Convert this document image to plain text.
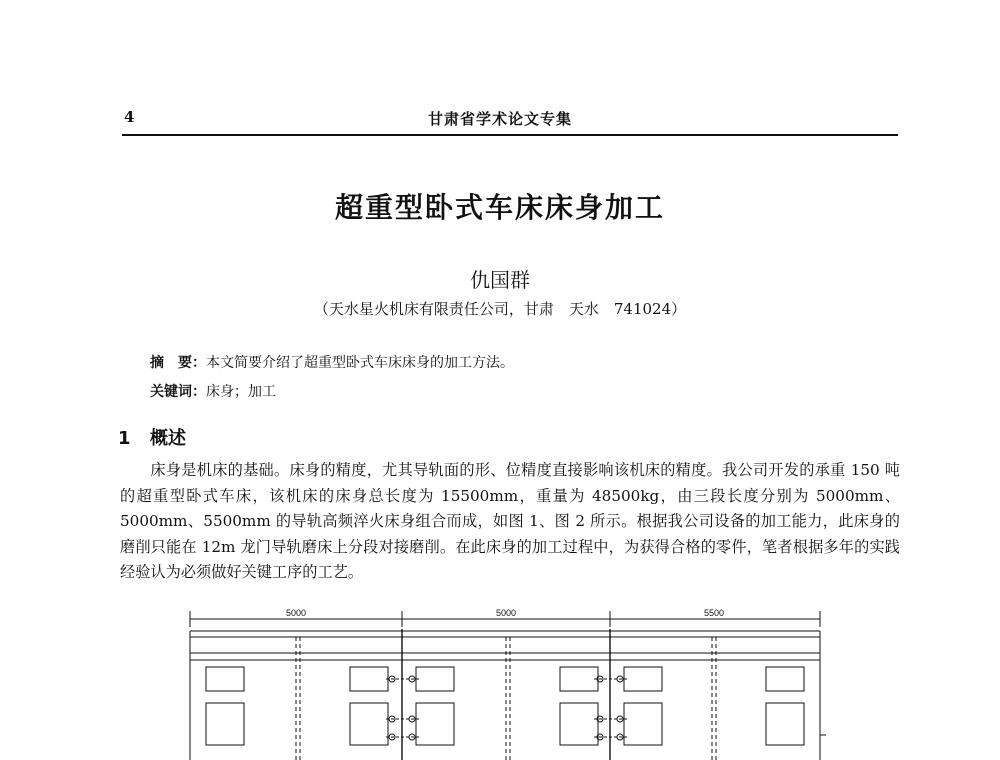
4	甘肃省学术论文专集
超重型卧式车床床身加工
仇国群
（天水星火机床有限责任公司，甘肃　天水　741024）
摘　要：本文简要介绍了超重型卧式车床床身的加工方法。
关键词：床身；加工
1 概述

床身是机床的基础。床身的精度，尤其导轨面的形、位精度直接影响该机床的精度。我公司开发的承重 150 吨的超重型卧式车床，该机床的床身总长度为 15500mm，重量为 48500kg，由三段长度分别为 5000mm、5000mm、5500mm 的导轨高频淬火床身组合而成，如图 1、图 2 所示。根据我公司设备的加工能力，此床身的磨削只能在 12m 龙门导轨磨床上分段对接磨削。在此床身的加工过程中，为获得合格的零件，笔者根据多年的实践经验认为必须做好关键工序的工艺。

5000	5000	5500
